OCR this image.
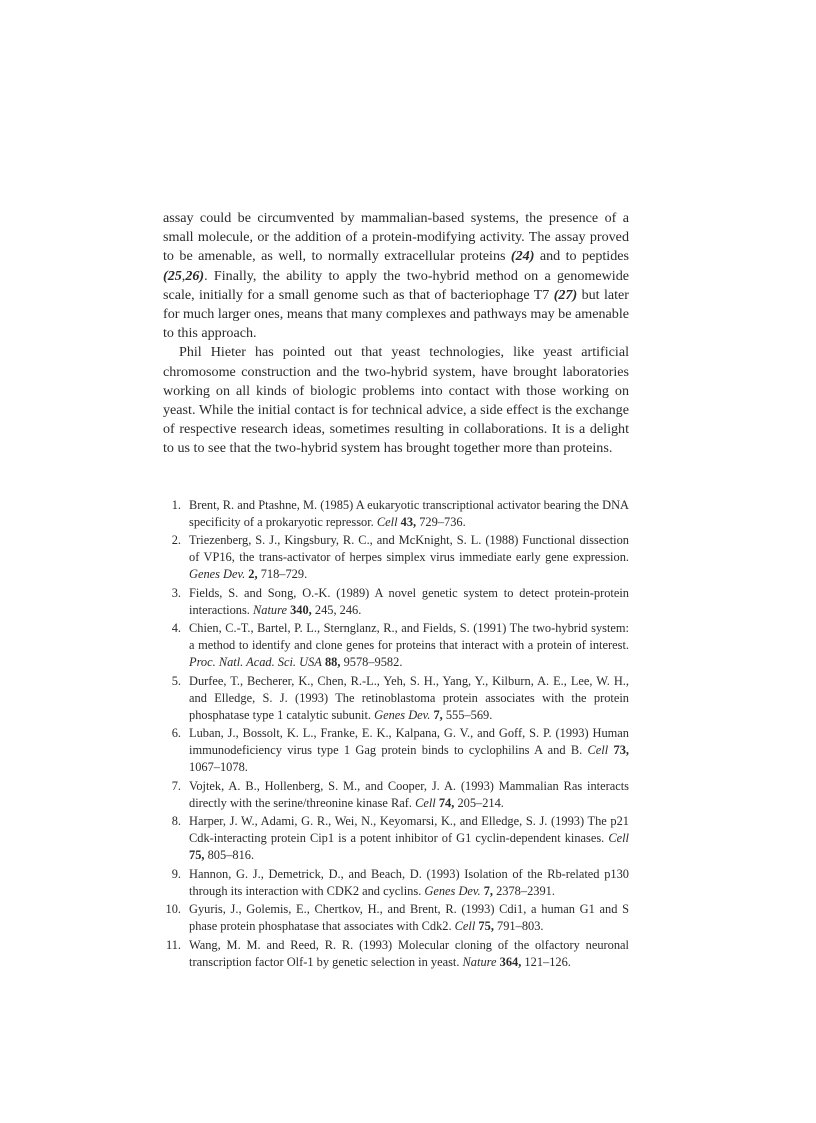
assay could be circumvented by mammalian-based systems, the presence of a small molecule, or the addition of a protein-modifying activity. The assay proved to be amenable, as well, to normally extracellular proteins (24) and to peptides (25,26). Finally, the ability to apply the two-hybrid method on a genomewide scale, initially for a small genome such as that of bacteriophage T7 (27) but later for much larger ones, means that many complexes and pathways may be amenable to this approach.

Phil Hieter has pointed out that yeast technologies, like yeast artificial chromosome construction and the two-hybrid system, have brought laboratories working on all kinds of biologic problems into contact with those working on yeast. While the initial contact is for technical advice, a side effect is the exchange of respective research ideas, sometimes resulting in collaborations. It is a delight to us to see that the two-hybrid system has brought together more than proteins.

1. Brent, R. and Ptashne, M. (1985) A eukaryotic transcriptional activator bearing the DNA specificity of a prokaryotic repressor. Cell 43, 729–736.
2. Triezenberg, S. J., Kingsbury, R. C., and McKnight, S. L. (1988) Functional dissection of VP16, the trans-activator of herpes simplex virus immediate early gene expression. Genes Dev. 2, 718–729.
3. Fields, S. and Song, O.-K. (1989) A novel genetic system to detect protein-protein interactions. Nature 340, 245, 246.
4. Chien, C.-T., Bartel, P. L., Sternglanz, R., and Fields, S. (1991) The two-hybrid system: a method to identify and clone genes for proteins that interact with a protein of interest. Proc. Natl. Acad. Sci. USA 88, 9578–9582.
5. Durfee, T., Becherer, K., Chen, R.-L., Yeh, S. H., Yang, Y., Kilburn, A. E., Lee, W. H., and Elledge, S. J. (1993) The retinoblastoma protein associates with the protein phosphatase type 1 catalytic subunit. Genes Dev. 7, 555–569.
6. Luban, J., Bossolt, K. L., Franke, E. K., Kalpana, G. V., and Goff, S. P. (1993) Human immunodeficiency virus type 1 Gag protein binds to cyclophilins A and B. Cell 73, 1067–1078.
7. Vojtek, A. B., Hollenberg, S. M., and Cooper, J. A. (1993) Mammalian Ras interacts directly with the serine/threonine kinase Raf. Cell 74, 205–214.
8. Harper, J. W., Adami, G. R., Wei, N., Keyomarsi, K., and Elledge, S. J. (1993) The p21 Cdk-interacting protein Cip1 is a potent inhibitor of G1 cyclin-dependent kinases. Cell 75, 805–816.
9. Hannon, G. J., Demetrick, D., and Beach, D. (1993) Isolation of the Rb-related p130 through its interaction with CDK2 and cyclins. Genes Dev. 7, 2378–2391.
10. Gyuris, J., Golemis, E., Chertkov, H., and Brent, R. (1993) Cdi1, a human G1 and S phase protein phosphatase that associates with Cdk2. Cell 75, 791–803.
11. Wang, M. M. and Reed, R. R. (1993) Molecular cloning of the olfactory neuronal transcription factor Olf-1 by genetic selection in yeast. Nature 364, 121–126.
